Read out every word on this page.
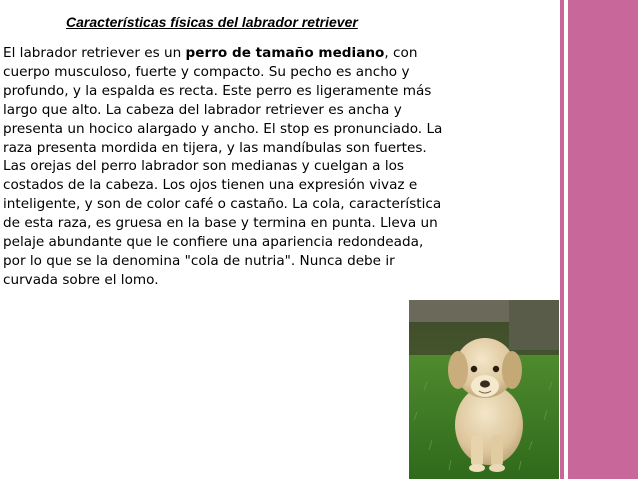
Características físicas del labrador retriever

El labrador retriever es un perro de tamaño mediano, con cuerpo musculoso, fuerte y compacto. Su pecho es ancho y profundo, y la espalda es recta. Este perro es ligeramente más largo que alto. La cabeza del labrador retriever es ancha y presenta un hocico alargado y ancho. El stop es pronunciado. La raza presenta mordida en tijera, y las mandíbulas son fuertes.

Las orejas del perro labrador son medianas y cuelgan a los costados de la cabeza. Los ojos tienen una expresión vivaz e inteligente, y son de color café o castaño. La cola, característica de esta raza, es gruesa en la base y termina en punta. Lleva un pelaje abundante que le confiere una apariencia redondeada, por lo que se la denomina "cola de nutria". Nunca debe ir curvada sobre el lomo.
